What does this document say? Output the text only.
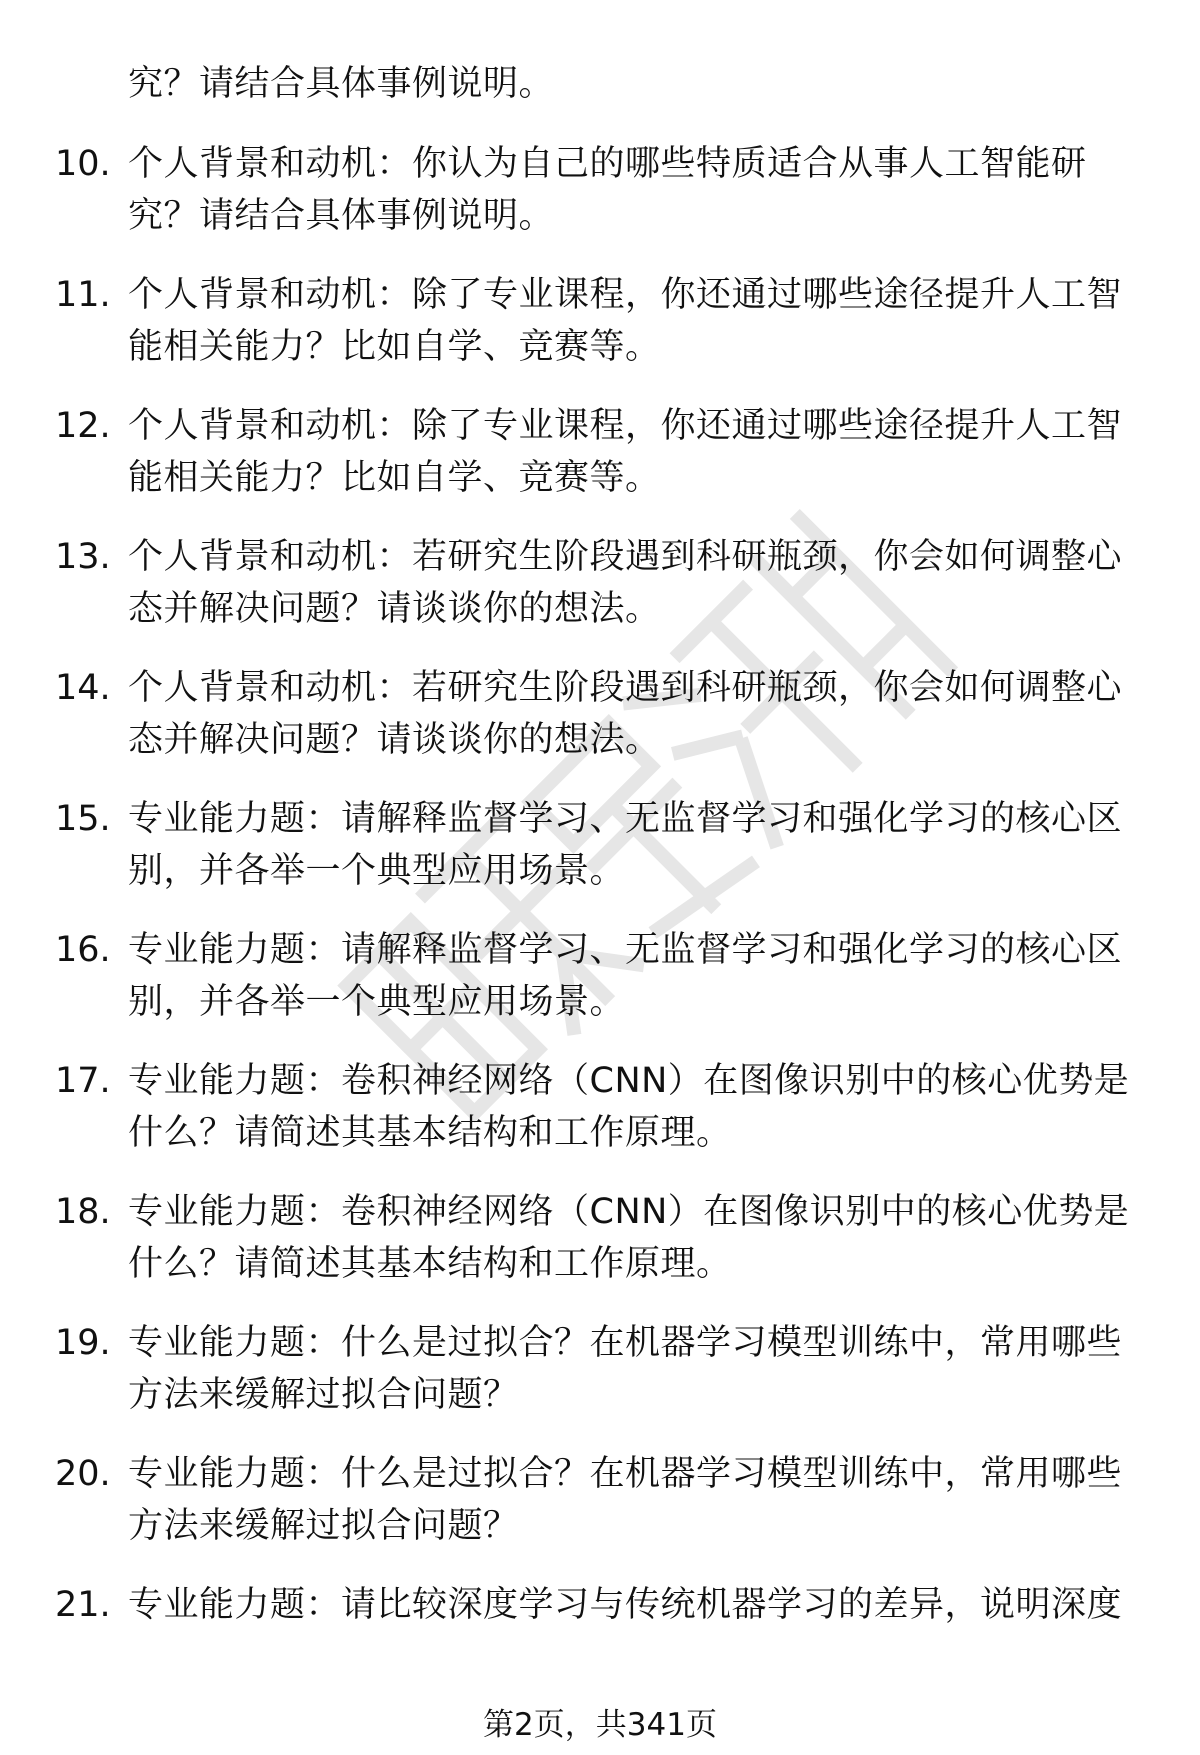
究？请结合具体事例说明。
10. 个人背景和动机：你认为自己的哪些特质适合从事人工智能研
究？请结合具体事例说明。
11. 个人背景和动机：除了专业课程，你还通过哪些途径提升人工智
能相关能力？比如自学、竞赛等。
12. 个人背景和动机：除了专业课程，你还通过哪些途径提升人工智
能相关能力？比如自学、竞赛等。
13. 个人背景和动机：若研究生阶段遇到科研瓶颈，你会如何调整心
态并解决问题？请谈谈你的想法。
14. 个人背景和动机：若研究生阶段遇到科研瓶颈，你会如何调整心
态并解决问题？请谈谈你的想法。
15. 专业能力题：请解释监督学习、无监督学习和强化学习的核心区
别，并各举一个典型应用场景。
16. 专业能力题：请解释监督学习、无监督学习和强化学习的核心区
别，并各举一个典型应用场景。
17. 专业能力题：卷积神经网络（CNN）在图像识别中的核心优势是
什么？请简述其基本结构和工作原理。
18. 专业能力题：卷积神经网络（CNN）在图像识别中的核心优势是
什么？请简述其基本结构和工作原理。
19. 专业能力题：什么是过拟合？在机器学习模型训练中，常用哪些
方法来缓解过拟合问题？
20. 专业能力题：什么是过拟合？在机器学习模型训练中，常用哪些
方法来缓解过拟合问题？
21. 专业能力题：请比较深度学习与传统机器学习的差异，说明深度
第2页，共341页
